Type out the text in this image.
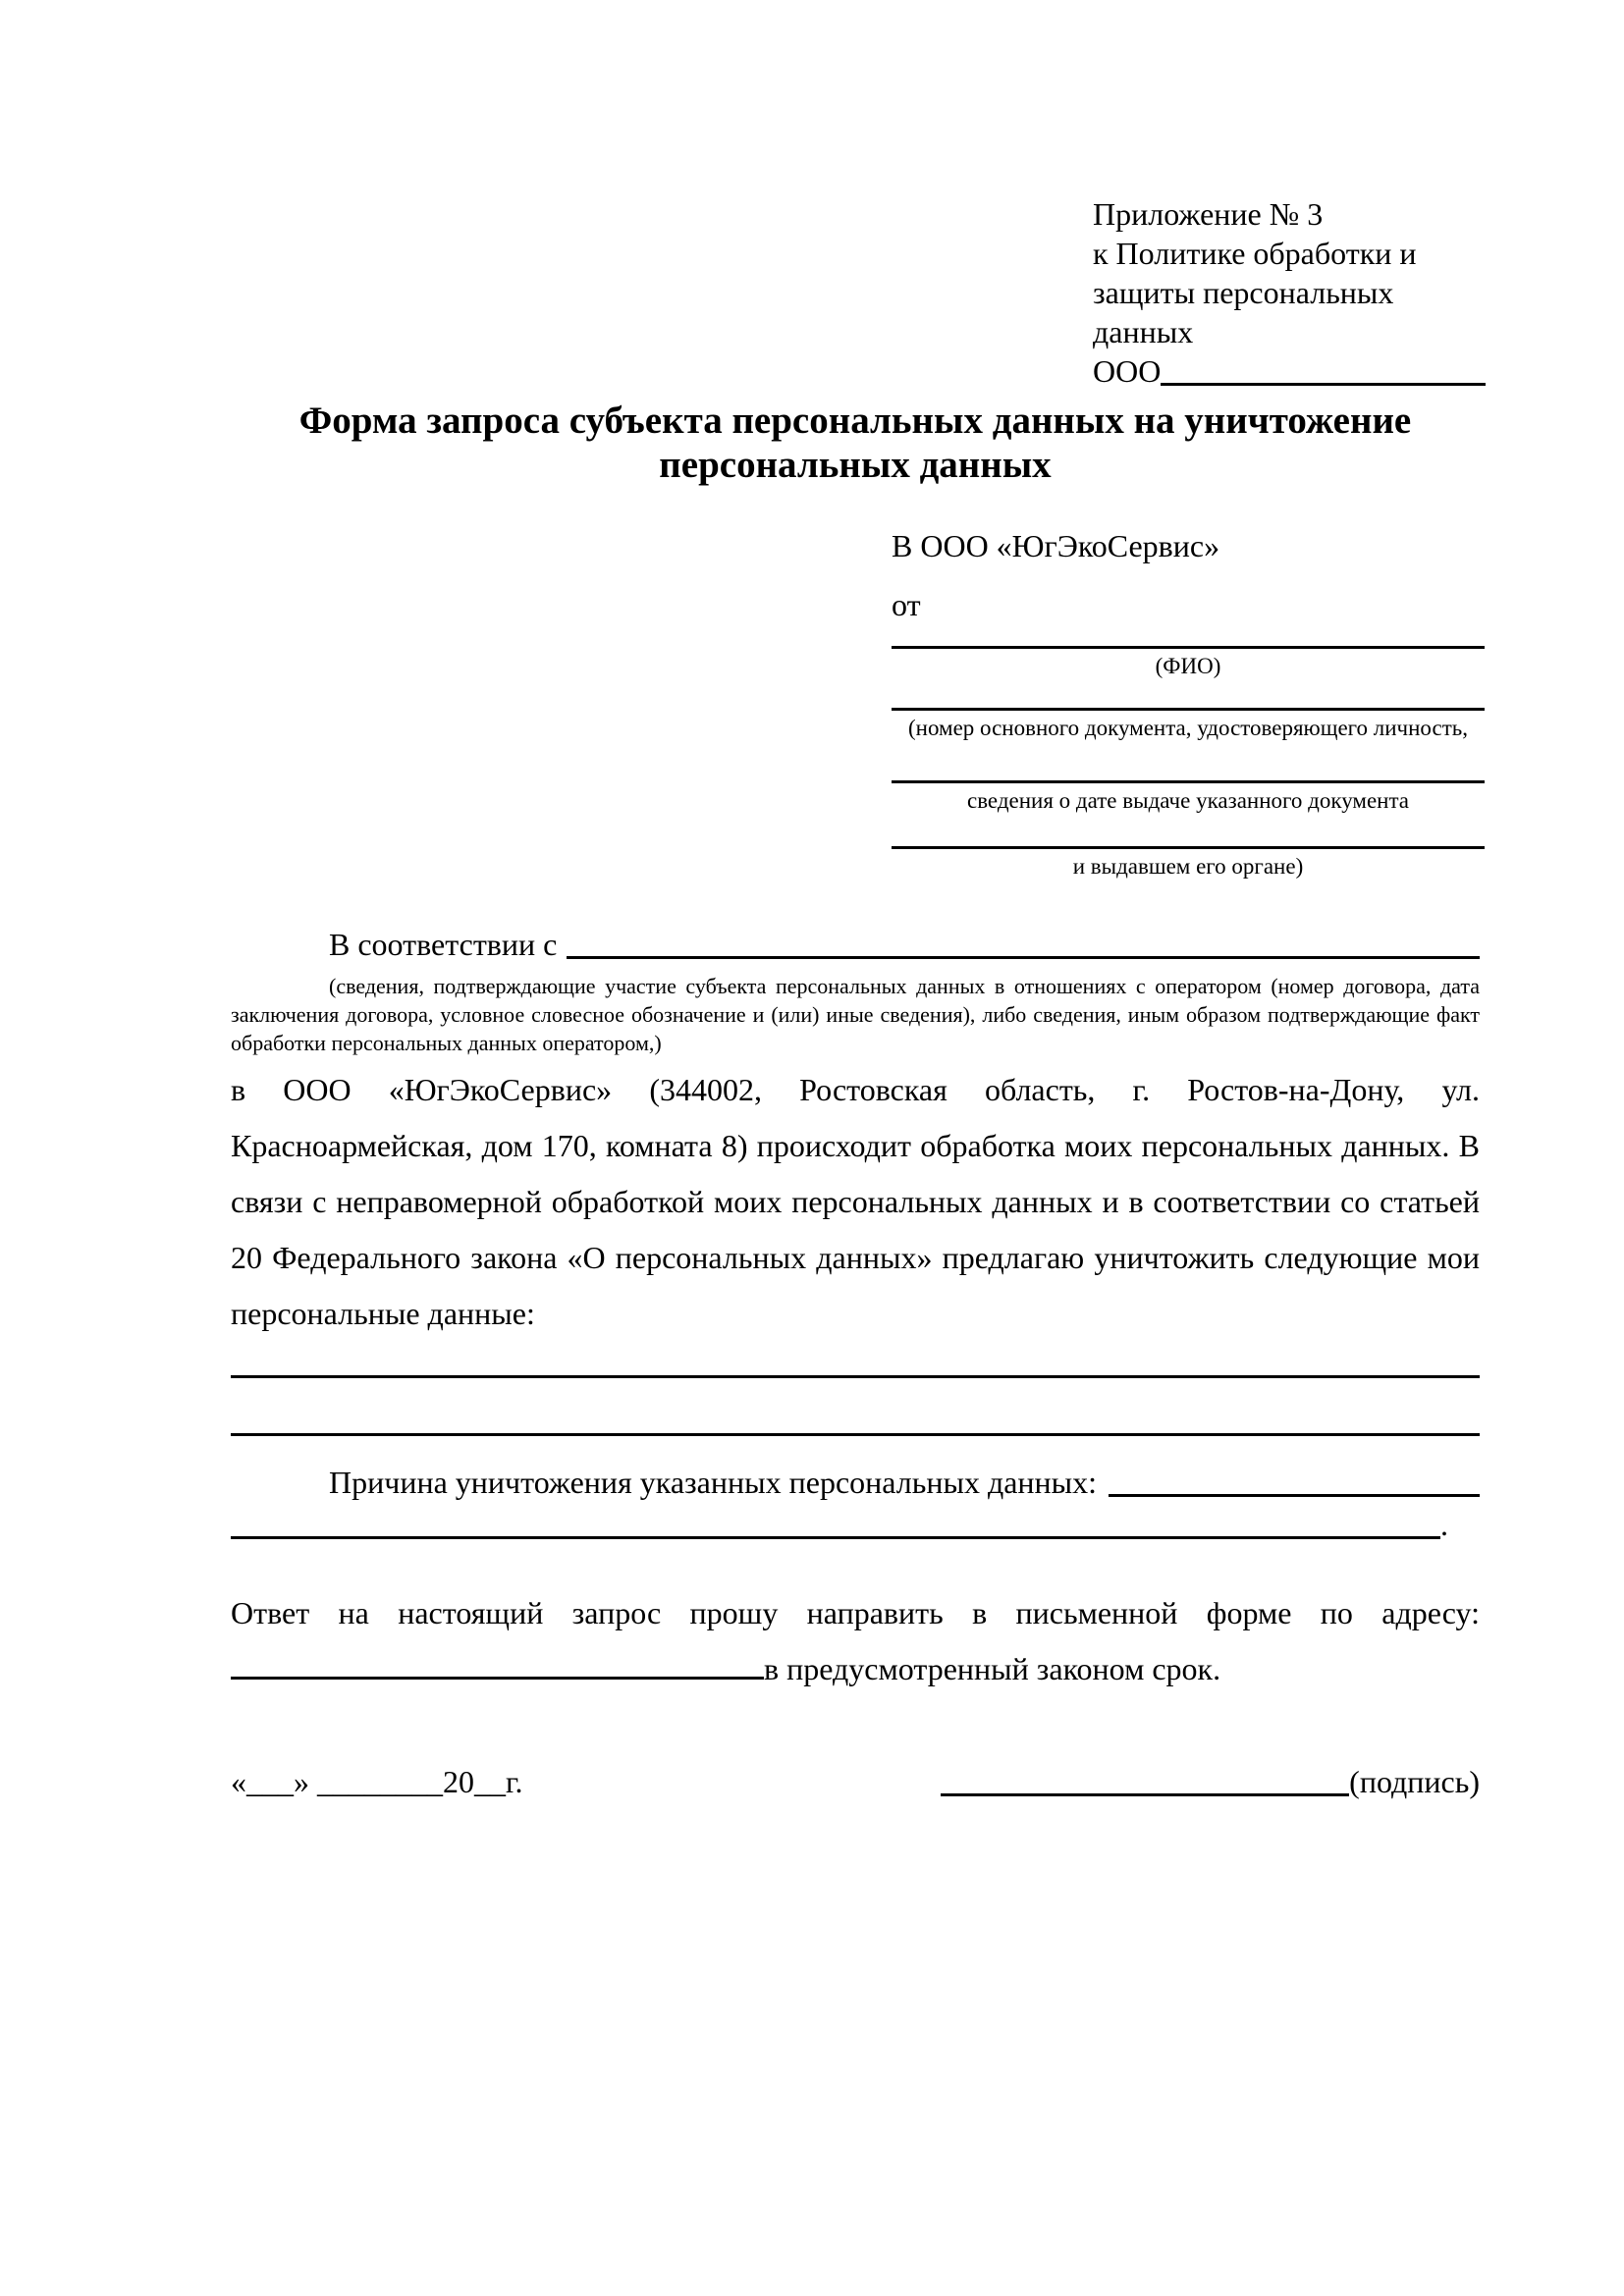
Приложение № 3
к Политике обработки и
защиты персональных данных
ООО
Форма запроса субъекта персональных данных на уничтожение персональных данных
В ООО «ЮгЭкоСервис»
от
(ФИО)
(номер основного документа, удостоверяющего личность,
сведения о дате выдаче указанного документа
и выдавшем его органе)
В соответствии с
(сведения, подтверждающие участие субъекта персональных данных в отношениях с оператором (номер договора, дата заключения договора, условное словесное обозначение и (или) иные сведения), либо сведения, иным образом подтверждающие факт обработки персональных данных оператором,)
в ООО «ЮгЭкоСервис» (344002, Ростовская область, г. Ростов-на-Дону, ул. Красноармейская, дом 170, комната 8) происходит обработка моих персональных данных. В связи с неправомерной обработкой моих персональных данных и в соответствии со статьей 20 Федерального закона «О персональных данных» предлагаю уничтожить следующие мои персональные данные:
Причина уничтожения указанных персональных данных:
.
Ответ на настоящий запрос прошу направить в письменной форме по адресу: в предусмотренный законом срок.
«___» ________20__г.	(подпись)
